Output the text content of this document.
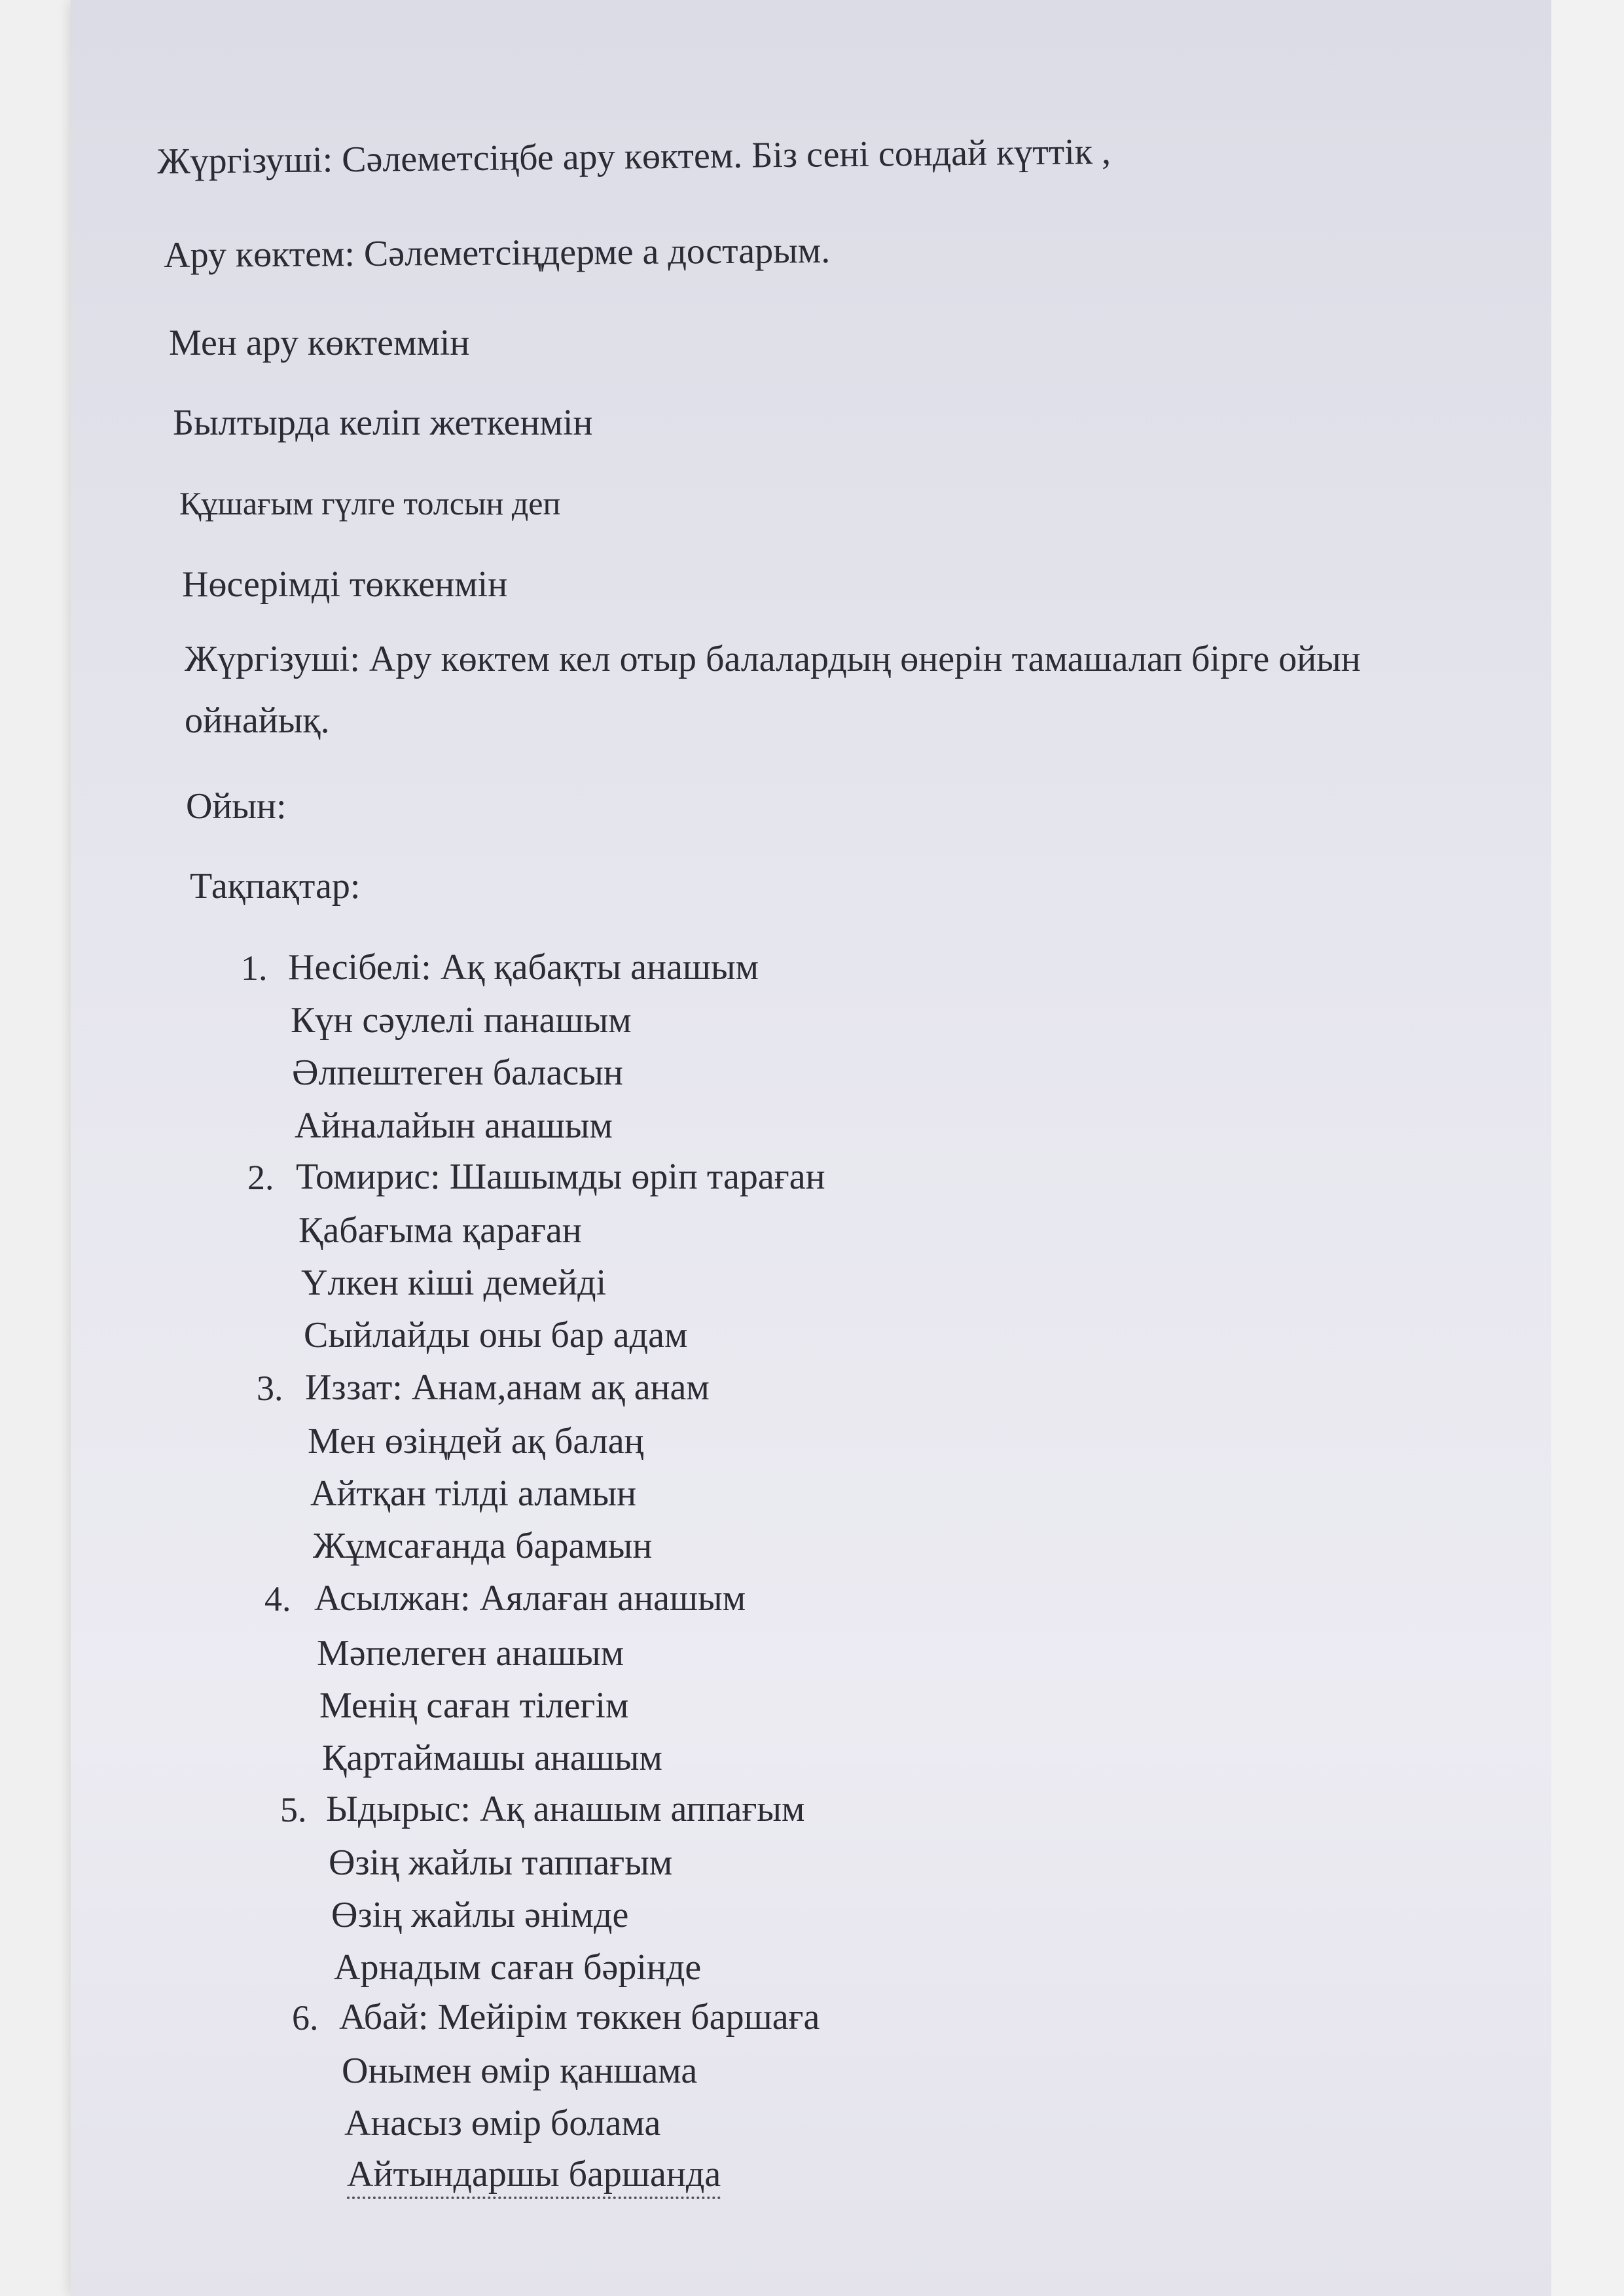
Жүргізуші: Сәлеметсіңбе ару көктем. Біз сені сондай күттік ,
Ару көктем: Сәлеметсіңдерме а достарым.
Мен ару көктеммін
Былтырда келіп жеткенмін
Құшағым гүлге толсын деп
Нөсерімді төккенмін
Жүргізуші: Ару көктем кел отыр балалардың өнерін тамашалап бірге ойын ойнайық.
Ойын:
Тақпақтар:
1. Несібелі: Ақ қабақты анашым
Күн сәулелі панашым
Әлпештеген баласын
Айналайын анашым
2. Томирис: Шашымды өріп тараған
Қабағыма қараған
Үлкен кіші демейді
Сыйлайды оны бар адам
3. Иззат: Анам,анам ақ анам
Мен өзіңдей ақ балаң
Айтқан тілді аламын
Жұмсағанда барамын
4. Асылжан: Аялаған анашым
Мәпелеген анашым
Менің саған тілегім
Қартаймашы анашым
5. Ыдырыс: Ақ анашым аппағым
Өзің жайлы таппағым
Өзің жайлы әнімде
Арнадым саған бәрінде
6. Абай: Мейірім төккен баршаға
Онымен өмір қаншама
Анасыз өмір болама
Айтындаршы баршанда
